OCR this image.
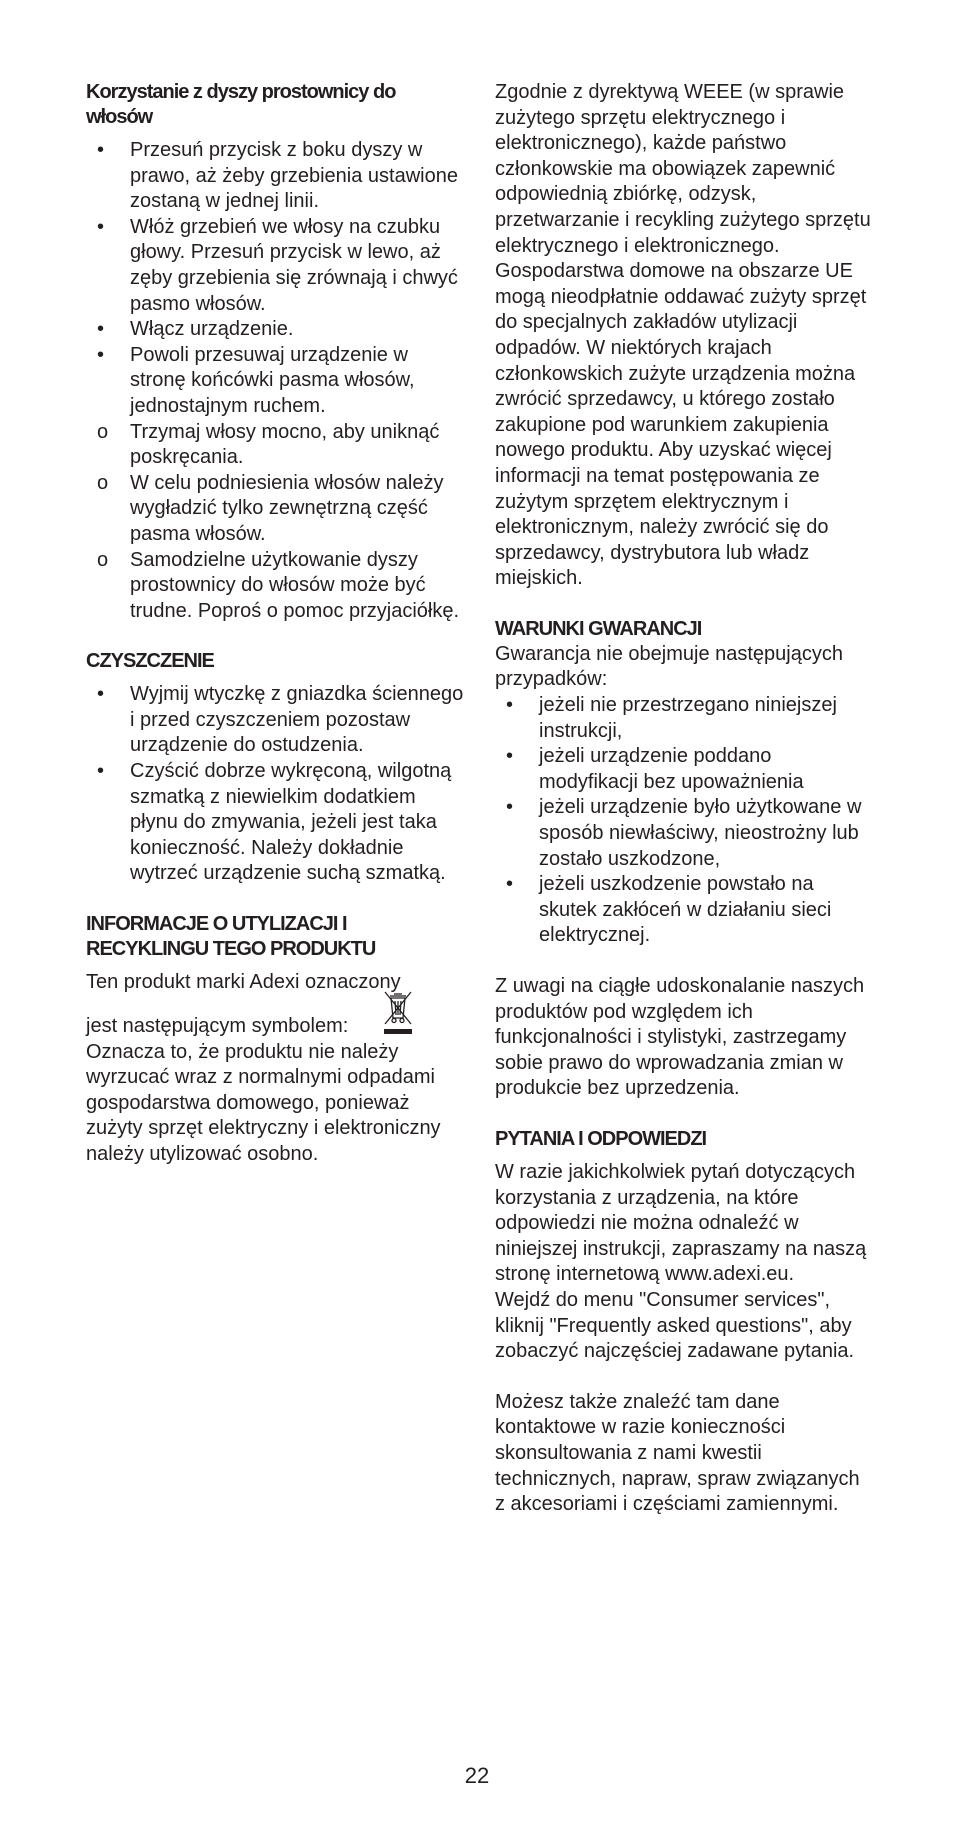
Korzystanie z dyszy prostownicy do włosów
•	Przesuń przycisk z boku dyszy w prawo, aż żeby grzebienia ustawione zostaną w jednej linii.
•	Włóż grzebień we włosy na czubku głowy. Przesuń przycisk w lewo, aż zęby grzebienia się zrównają i chwyć pasmo włosów.
•	Włącz urządzenie.
•	Powoli przesuwaj urządzenie w stronę końcówki pasma włosów, jednostajnym ruchem.
o	Trzymaj włosy mocno, aby uniknąć poskręcania.
o	W celu podniesienia włosów należy wygładzić tylko zewnętrzną część pasma włosów.
o	Samodzielne użytkowanie dyszy prostownicy do włosów może być trudne. Poproś o pomoc przyjaciółkę.
CZYSZCZENIE
•	Wyjmij wtyczkę z gniazdka ściennego i przed czyszczeniem pozostaw urządzenie do ostudzenia.
•	Czyścić dobrze wykręconą, wilgotną szmatką z niewielkim dodatkiem płynu do zmywania, jeżeli jest taka konieczność. Należy dokładnie wytrzeć urządzenie suchą szmatką.
INFORMACJE O UTYLIZACJI I
RECYKLINGU TEGO PRODUKTU

Ten produkt marki Adexi oznaczony

jest następującym symbolem:

Oznacza to, że produktu nie należy wyrzucać wraz z normalnymi odpadami gospodarstwa domowego, ponieważ zużyty sprzęt elektryczny i elektroniczny należy utylizować osobno.

Zgodnie z dyrektywą WEEE (w sprawie zużytego sprzętu elektrycznego i elektronicznego), każde państwo członkowskie ma obowiązek zapewnić odpowiednią zbiórkę, odzysk, przetwarzanie i recykling zużytego sprzętu elektrycznego i elektronicznego. Gospodarstwa domowe na obszarze UE mogą nieodpłatnie oddawać zużyty sprzęt do specjalnych zakładów utylizacji odpadów. W niektórych krajach członkowskich zużyte urządzenia można zwrócić sprzedawcy, u którego zostało zakupione pod warunkiem zakupienia nowego produktu. Aby uzyskać więcej informacji na temat postępowania ze zużytym sprzętem elektrycznym i elektronicznym, należy zwrócić się do sprzedawcy, dystrybutora lub władz miejskich.

WARUNKI GWARANCJI

Gwarancja nie obejmuje następujących przypadków:

•	jeżeli nie przestrzegano niniejszej instrukcji,
•	jeżeli urządzenie poddano modyfikacji bez upoważnienia
•	jeżeli urządzenie było użytkowane w sposób niewłaściwy, nieostrożny lub zostało uszkodzone,
•	jeżeli uszkodzenie powstało na skutek zakłóceń w działaniu sieci elektrycznej.

Z uwagi na ciągłe udoskonalanie naszych produktów pod względem ich funkcjonalności i stylistyki, zastrzegamy sobie prawo do wprowadzania zmian w produkcie bez uprzedzenia.

PYTANIA I ODPOWIEDZI

W razie jakichkolwiek pytań dotyczących korzystania z urządzenia, na które odpowiedzi nie można odnaleźć w niniejszej instrukcji, zapraszamy na naszą stronę internetową www.adexi.eu.

Wejdź do menu "Consumer services", kliknij "Frequently asked questions", aby zobaczyć najczęściej zadawane pytania.

Możesz także znaleźć tam dane kontaktowe w razie konieczności skonsultowania z nami kwestii technicznych, napraw, spraw związanych z akcesoriami i częściami zamiennymi.

22
